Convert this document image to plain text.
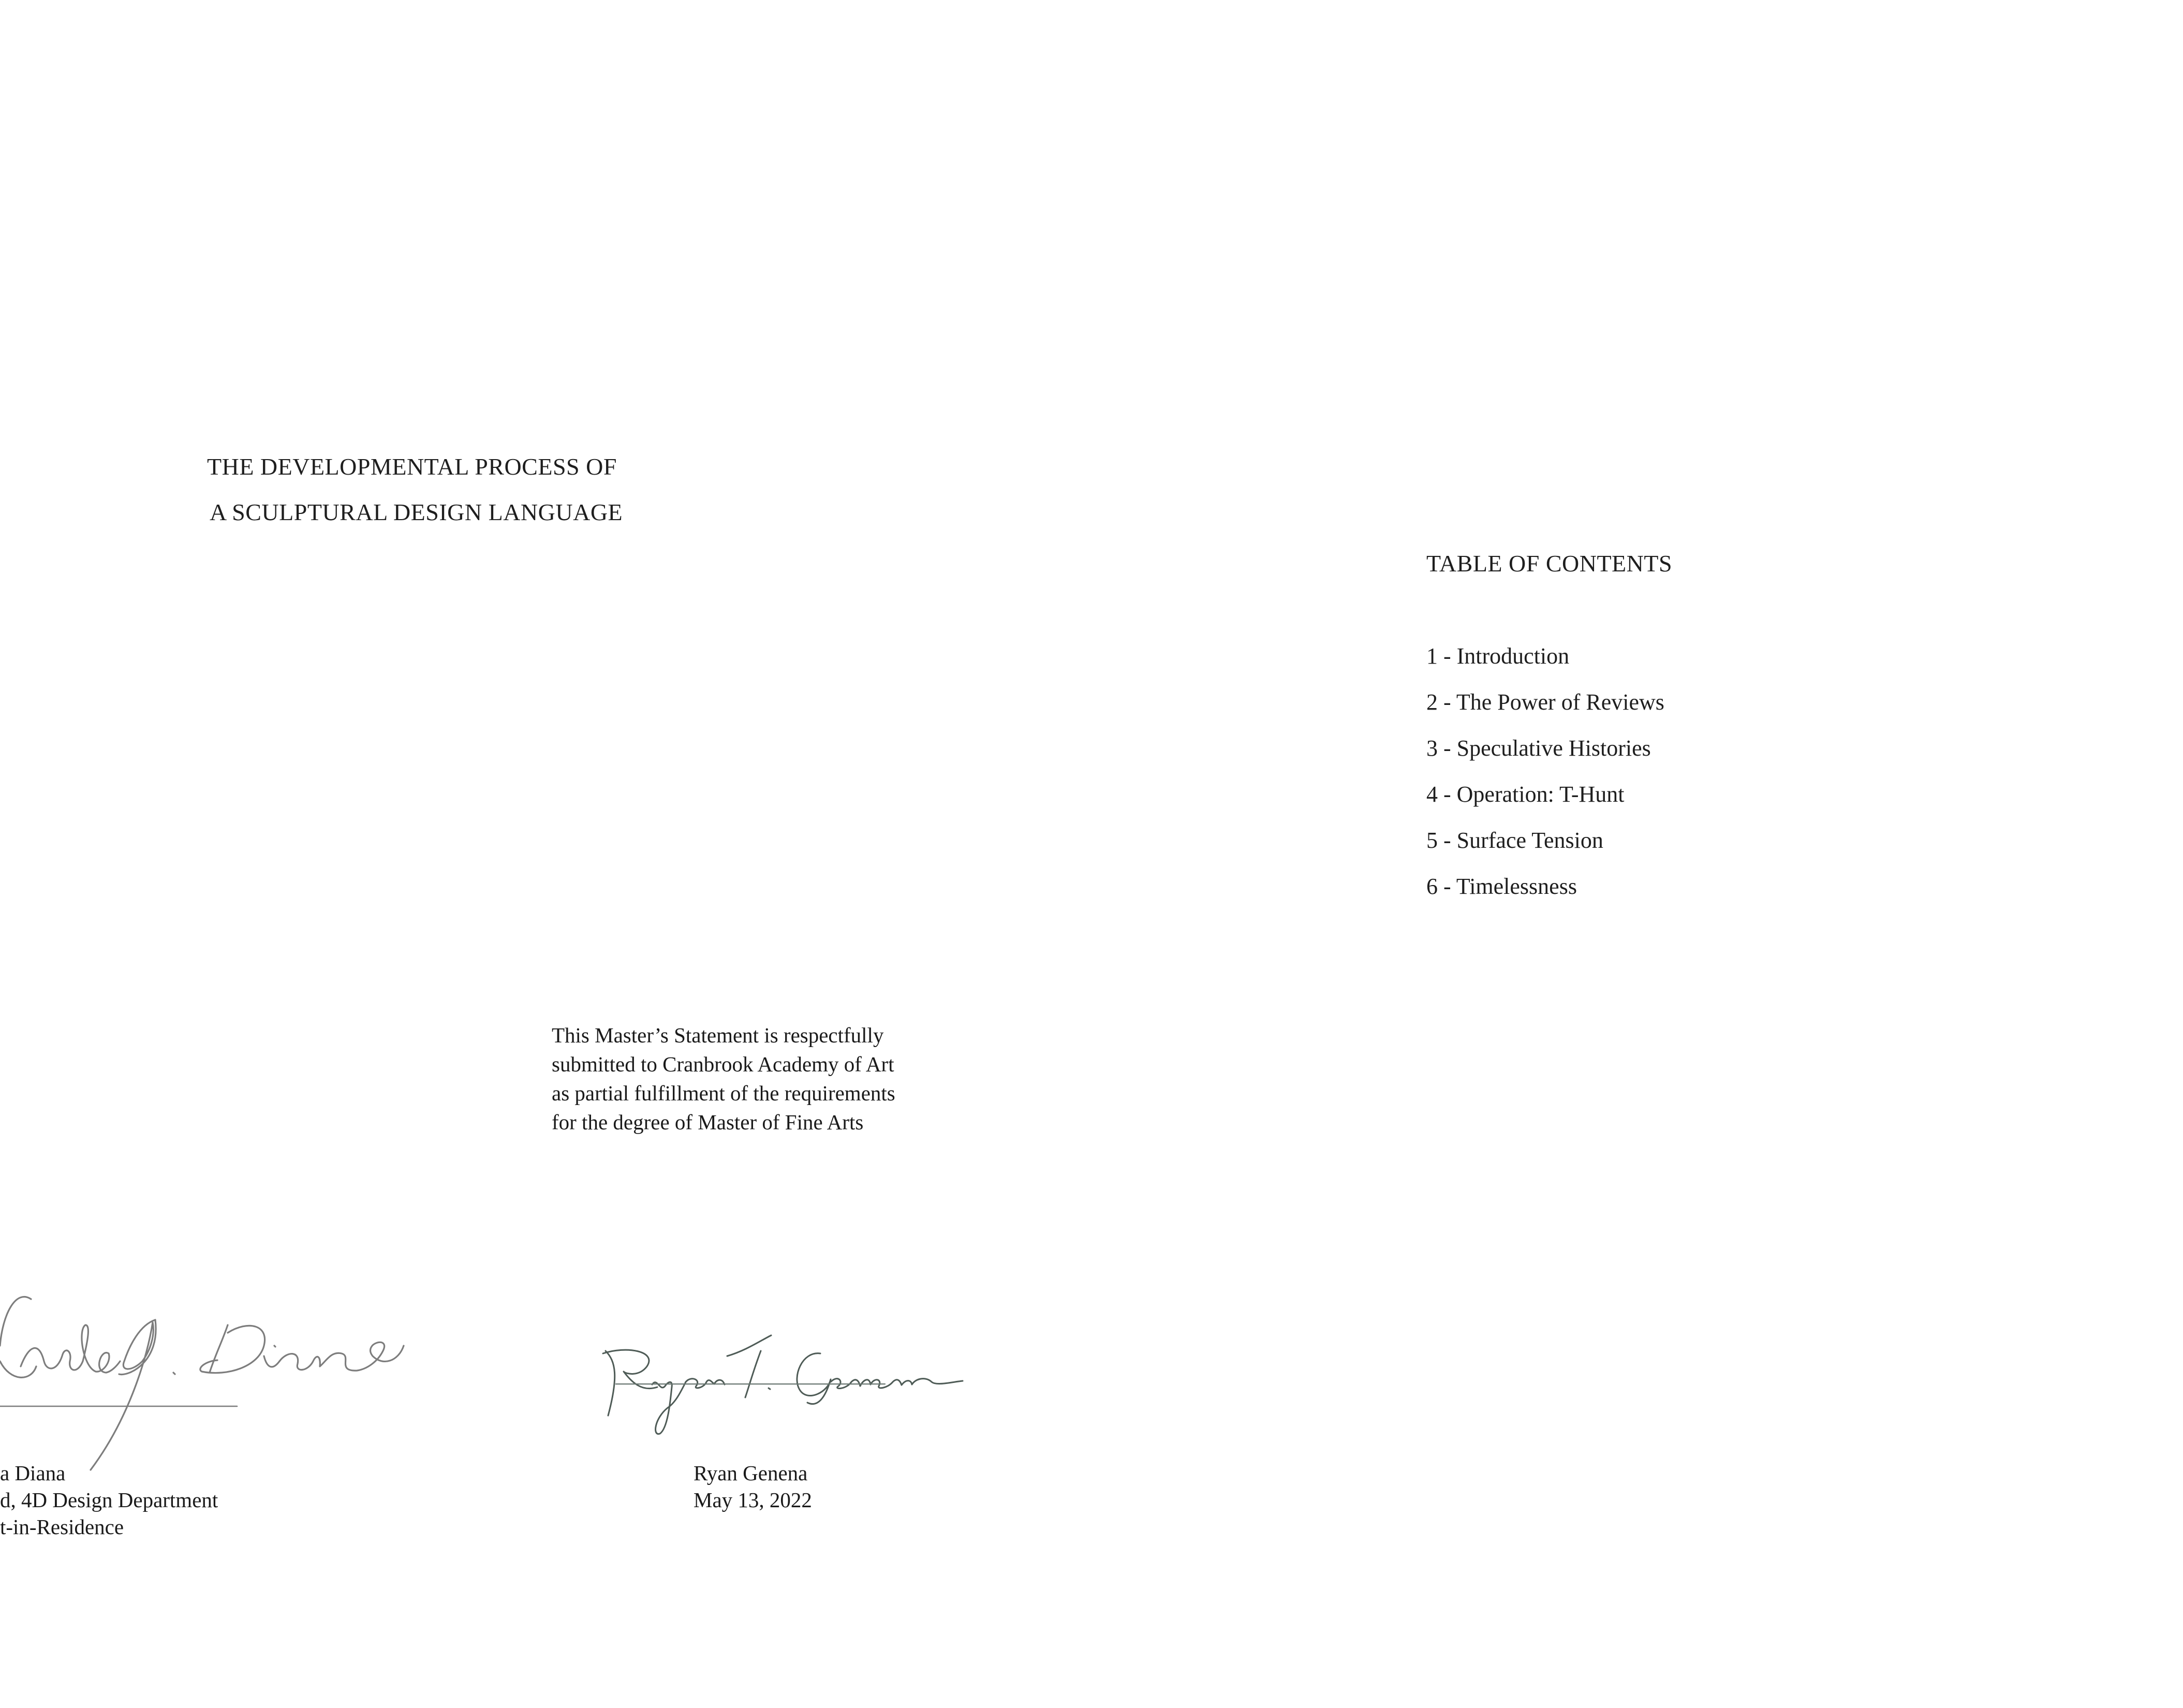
THE DEVELOPMENTAL PROCESS OF
A SCULPTURAL DESIGN LANGUAGE
This Master’s Statement is respectfully
submitted to Cranbrook Academy of Art
as partial fulfillment of the requirements
for the degree of Master of Fine Arts
a Diana
d, 4D Design Department
t-in-Residence
Ryan Genena
May 13, 2022
TABLE OF CONTENTS
1 - Introduction
2 - The Power of Reviews
3 - Speculative Histories
4 - Operation: T-Hunt
5 - Surface Tension
6 - Timelessness
